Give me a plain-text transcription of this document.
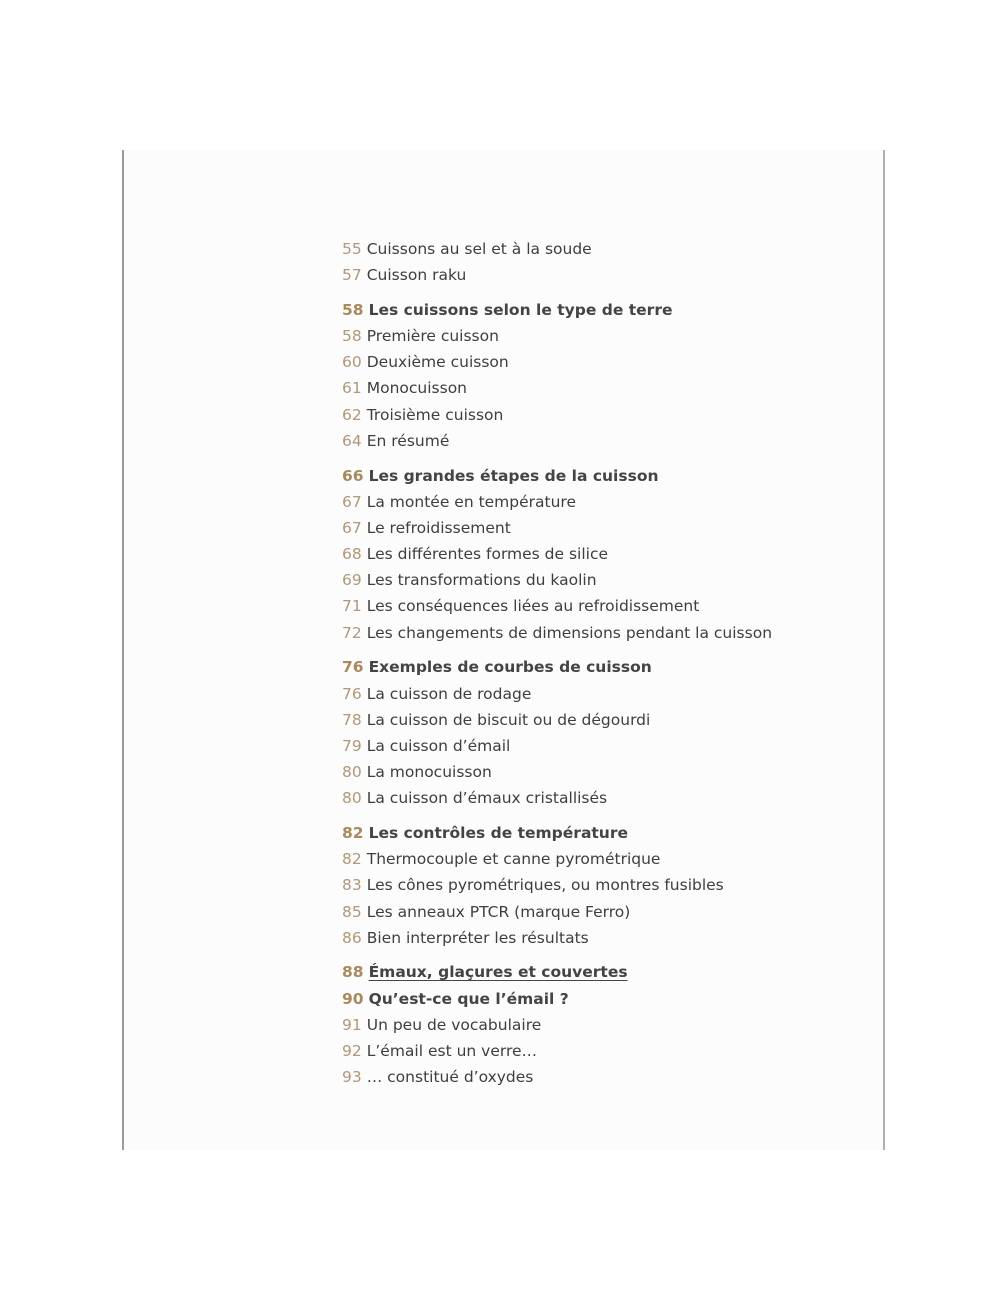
55 Cuissons au sel et à la soude
57 Cuisson raku
58 Les cuissons selon le type de terre
58 Première cuisson
60 Deuxième cuisson
61 Monocuisson
62 Troisième cuisson
64 En résumé
66 Les grandes étapes de la cuisson
67 La montée en température
67 Le refroidissement
68 Les différentes formes de silice
69 Les transformations du kaolin
71 Les conséquences liées au refroidissement
72 Les changements de dimensions pendant la cuisson
76 Exemples de courbes de cuisson
76 La cuisson de rodage
78 La cuisson de biscuit ou de dégourdi
79 La cuisson d’émail
80 La monocuisson
80 La cuisson d’émaux cristallisés
82 Les contrôles de température
82 Thermocouple et canne pyrométrique
83 Les cônes pyrométriques, ou montres fusibles
85 Les anneaux PTCR (marque Ferro)
86 Bien interpréter les résultats
88 Émaux, glaçures et couvertes
90 Qu’est-ce que l’émail ?
91 Un peu de vocabulaire
92 L’émail est un verre…
93 … constitué d’oxydes
